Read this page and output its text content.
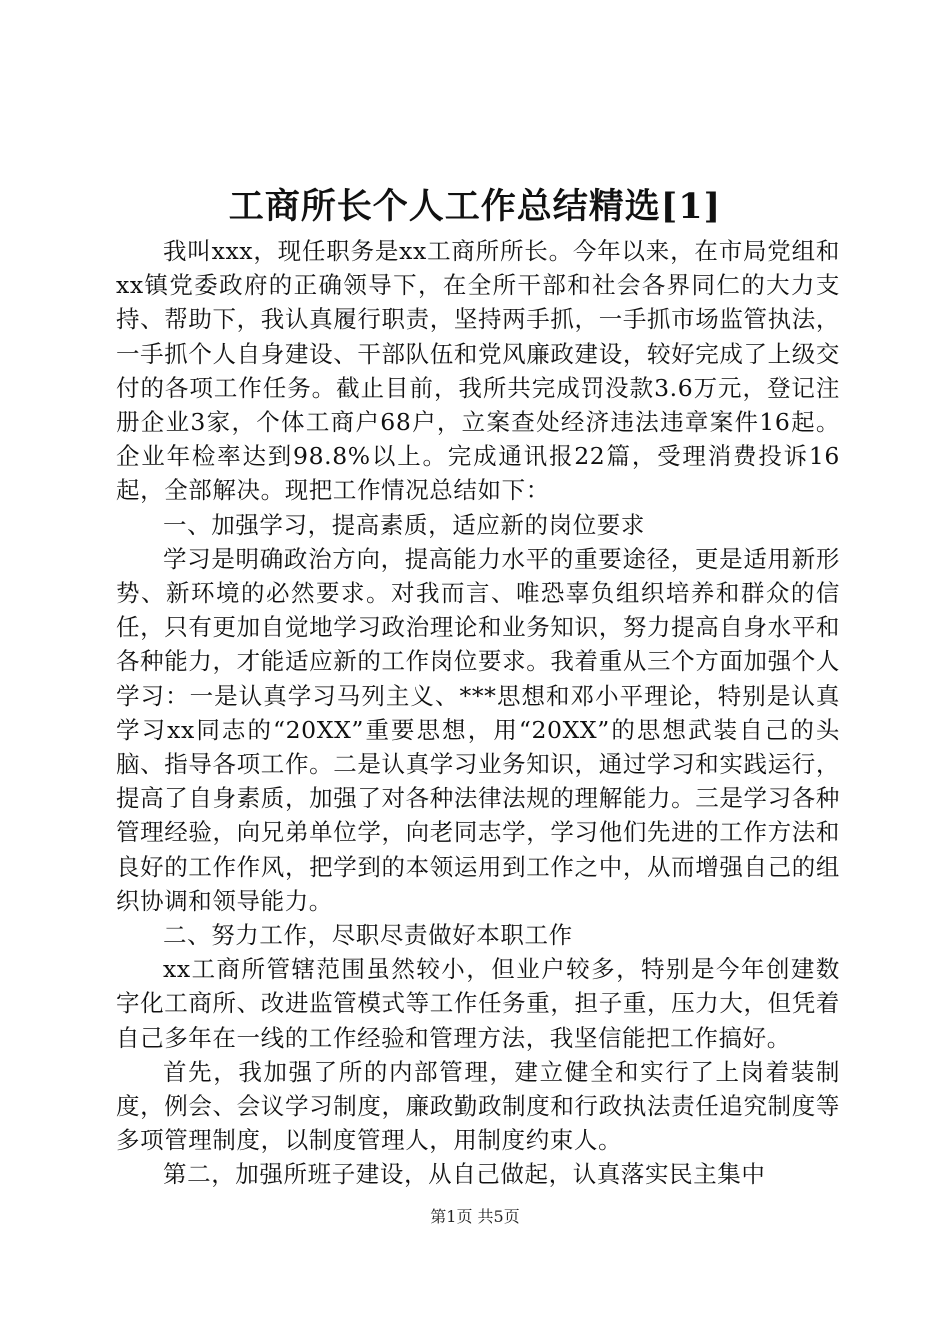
工商所长个人工作总结精选[1]

我叫xxx，现任职务是xx工商所所长。今年以来，在市局党组和xx镇党委政府的正确领导下，在全所干部和社会各界同仁的大力支持、帮助下，我认真履行职责，坚持两手抓，一手抓市场监管执法，一手抓个人自身建设、干部队伍和党风廉政建设，较好完成了上级交付的各项工作任务。截止目前，我所共完成罚没款3.6万元，登记注册企业3家，个体工商户68户，立案查处经济违法违章案件16起。企业年检率达到98.8%以上。完成通讯报22篇，受理消费投诉16起，全部解决。现把工作情况总结如下：

一、加强学习，提高素质，适应新的岗位要求

学习是明确政治方向，提高能力水平的重要途径，更是适用新形势、新环境的必然要求。对我而言、唯恐辜负组织培养和群众的信任，只有更加自觉地学习政治理论和业务知识，努力提高自身水平和各种能力，才能适应新的工作岗位要求。我着重从三个方面加强个人学习：一是认真学习马列主义、***思想和邓小平理论，特别是认真学习xx同志的“20XX”重要思想，用“20XX”的思想武装自己的头脑、指导各项工作。二是认真学习业务知识，通过学习和实践运行，提高了自身素质，加强了对各种法律法规的理解能力。三是学习各种管理经验，向兄弟单位学，向老同志学，学习他们先进的工作方法和良好的工作作风，把学到的本领运用到工作之中，从而增强自己的组织协调和领导能力。

二、努力工作，尽职尽责做好本职工作

xx工商所管辖范围虽然较小，但业户较多，特别是今年创建数字化工商所、改进监管模式等工作任务重，担子重，压力大，但凭着自己多年在一线的工作经验和管理方法，我坚信能把工作搞好。

首先，我加强了所的内部管理，建立健全和实行了上岗着装制度，例会、会议学习制度，廉政勤政制度和行政执法责任追究制度等多项管理制度，以制度管理人，用制度约束人。

第二，加强所班子建设，从自己做起，认真落实民主集中

第1页 共5页
